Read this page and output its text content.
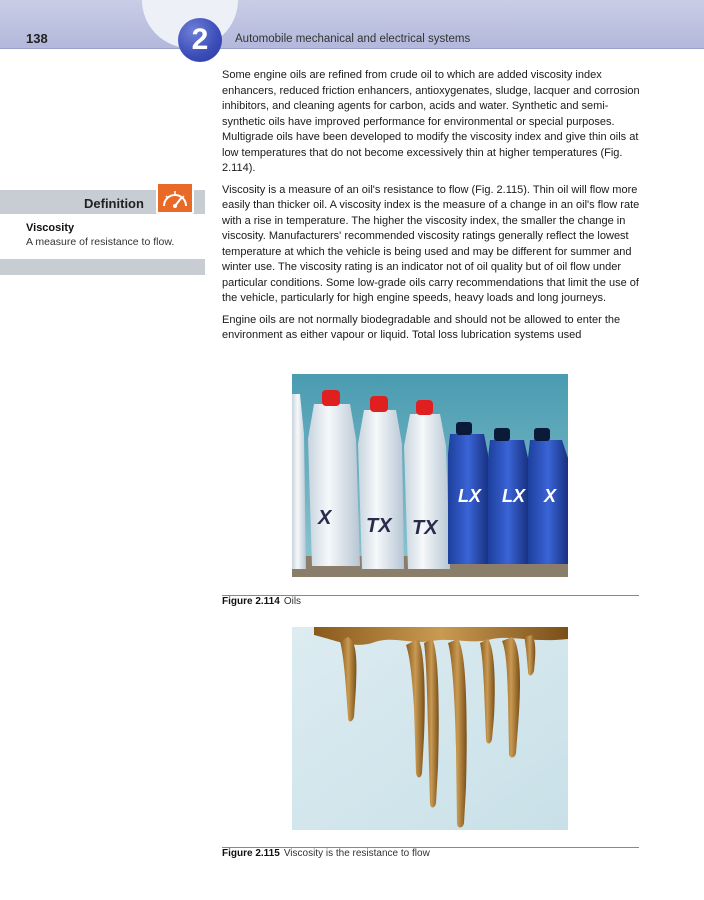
138	2	Automobile mechanical and electrical systems

Some engine oils are refined from crude oil to which are added viscosity index enhancers, reduced friction enhancers, antioxygenates, sludge, lacquer and corrosion inhibitors, and cleaning agents for carbon, acids and water. Synthetic and semi-synthetic oils have improved performance for environmental or special purposes. Multigrade oils have been developed to modify the viscosity index and give thin oils at low temperatures that do not become excessively thin at higher temperatures (Fig. 2.114).

Viscosity is a measure of an oil's resistance to flow (Fig. 2.115). Thin oil will flow more easily than thicker oil. A viscosity index is the measure of a change in an oil's flow rate with a rise in temperature. The higher the viscosity index, the smaller the change in viscosity. Manufacturers' recommended viscosity ratings generally reflect the lowest temperature at which the vehicle is being used and may be different for summer and winter use. The viscosity rating is an indicator not of oil quality but of oil flow under particular conditions. Some low-grade oils carry recommendations that limit the use of the vehicle, particularly for high engine speeds, heavy loads and long journeys.

Engine oils are not normally biodegradable and should not be allowed to enter the environment as either vapour or liquid. Total loss lubrication systems used

Definition
Viscosity
A measure of resistance to flow.
X TX TX
LX LX X
Figure 2.114 Oils
Figure 2.115 Viscosity is the resistance to flow
